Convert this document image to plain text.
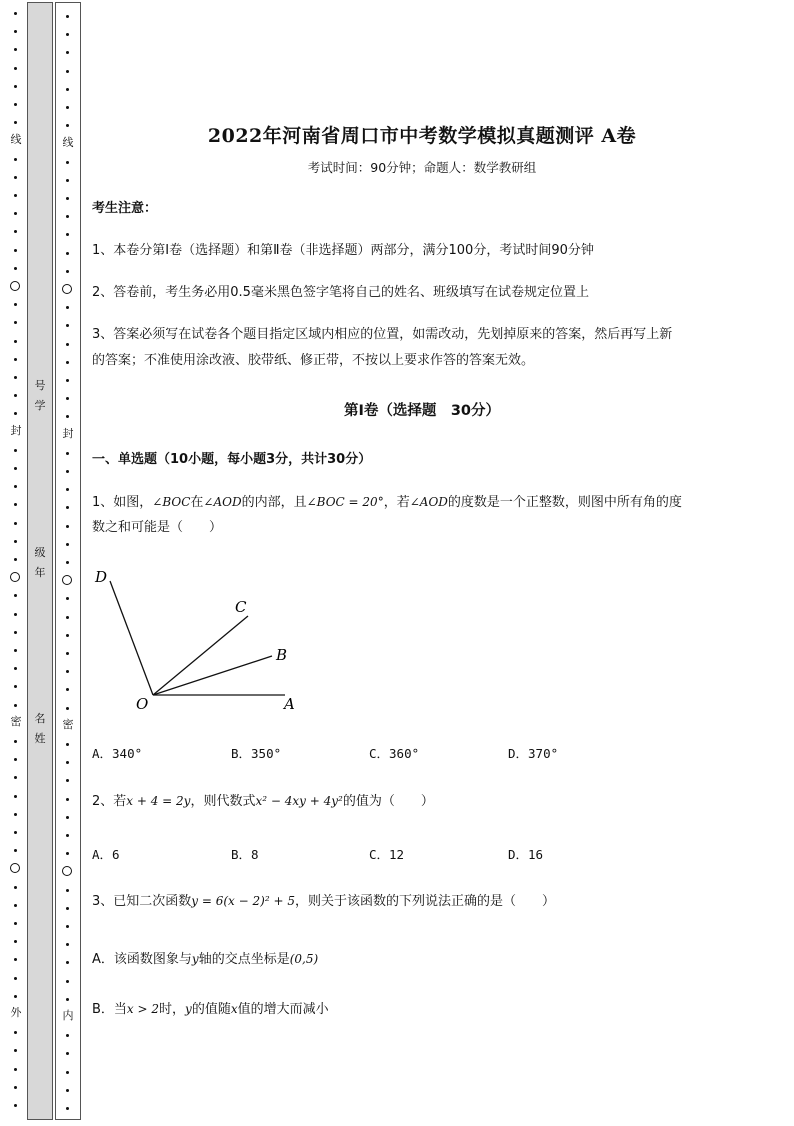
线
封
密
外
号
学
级
年
名
姓
线
封
密
内
2022年河南省周口市中考数学模拟真题测评 A卷
考试时间：90分钟；命题人：数学教研组
考生注意：
1、本卷分第I卷（选择题）和第Ⅱ卷（非选择题）两部分，满分100分，考试时间90分钟
2、答卷前，考生务必用0.5毫米黑色签字笔将自己的姓名、班级填写在试卷规定位置上
3、答案必须写在试卷各个题目指定区域内相应的位置，如需改动，先划掉原来的答案，然后再写上新
的答案；不准使用涂改液、胶带纸、修正带，不按以上要求作答的答案无效。
第I卷（选择题　30分）
一、单选题（10小题，每小题3分，共计30分）
1、如图，∠BOC在∠AOD的内部，且∠BOC = 20°，若∠AOD的度数是一个正整数，则图中所有角的度
数之和可能是（　　）
D
C
B
O	A
A．340°	B．350°	C．360°	D．370°
2、若x + 4 = 2y，则代数式x² − 4xy + 4y²的值为（　　）
A．6	B．8	C．12	D．16
3、已知二次函数y = 6(x − 2)² + 5，则关于该函数的下列说法正确的是（　　）
A．该函数图象与y轴的交点坐标是(0,5)
B．当x > 2时，y的值随x值的增大而减小
